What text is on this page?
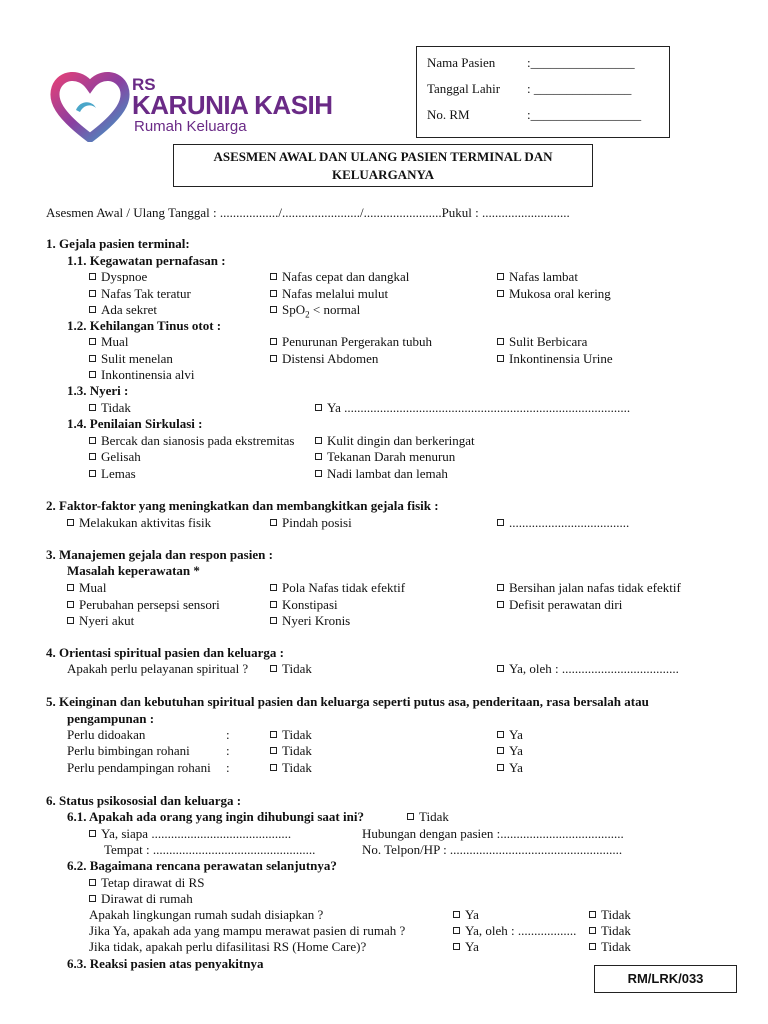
RS
KARUNIA KASIH
Rumah Keluarga
Nama Pasien :________________
Tanggal Lahir : _______________
No. RM	:_________________
ASESMEN AWAL DAN ULANG PASIEN TERMINAL DAN KELUARGANYA
Asesmen Awal / Ulang Tanggal : ................../......................../........................Pukul : ...........................
1. Gejala pasien terminal:
1.1. Kegawatan pernafasan :
Dyspnoe	Nafas cepat dan dangkal	Nafas lambat
Nafas Tak teratur	Nafas melalui mulut	Mukosa oral kering
Ada sekret	SpO$_2$ < normal
1.2. Kehilangan Tinus otot :
Mual	Penurunan Pergerakan tubuh	Sulit Berbicara
Sulit menelan	Distensi Abdomen	Inkontinensia Urine
Inkontinensia alvi
1.3. Nyeri :
Tidak	Ya ........................................................................................
1.4. Penilaian Sirkulasi :
Bercak dan sianosis pada ekstremitas	Kulit dingin dan berkeringat
Gelisah	Tekanan Darah menurun
Lemas	Nadi lambat dan lemah
2. Faktor-faktor yang meningkatkan dan membangkitkan gejala fisik :
Melakukan aktivitas fisik	Pindah posisi	.....................................
3. Manajemen gejala dan respon pasien :
Masalah keperawatan *
Mual	Pola Nafas tidak efektif	Bersihan jalan nafas tidak efektif
Perubahan persepsi sensori	Konstipasi	Defisit perawatan diri
Nyeri akut	Nyeri Kronis
4. Orientasi spiritual pasien dan keluarga :
Apakah perlu pelayanan spiritual ?	Tidak	Ya, oleh : ....................................
5. Keinginan dan kebutuhan spiritual pasien dan keluarga seperti putus asa, penderitaan, rasa bersalah atau
pengampunan :
Perlu didoakan	:	Tidak	Ya
Perlu bimbingan rohani	:	Tidak	Ya
Perlu pendampingan rohani :	Tidak	Ya
6. Status psikososial dan keluarga :
6.1. Apakah ada orang yang ingin dihubungi saat ini?	Tidak
Ya, siapa ...........................................	Hubungan dengan pasien :......................................
Tempat : ..................................................	No. Telpon/HP : .....................................................
6.2. Bagaimana rencana perawatan selanjutnya?
Tetap dirawat di RS
Dirawat di rumah
Apakah lingkungan rumah sudah disiapkan ?	Ya	Tidak
Jika Ya, apakah ada yang mampu merawat pasien di rumah ?	Ya, oleh : ..................	Tidak
Jika tidak, apakah perlu difasilitasi RS (Home Care)?	Ya	Tidak
6.3. Reaksi pasien atas penyakitnya
RM/LRK/033
